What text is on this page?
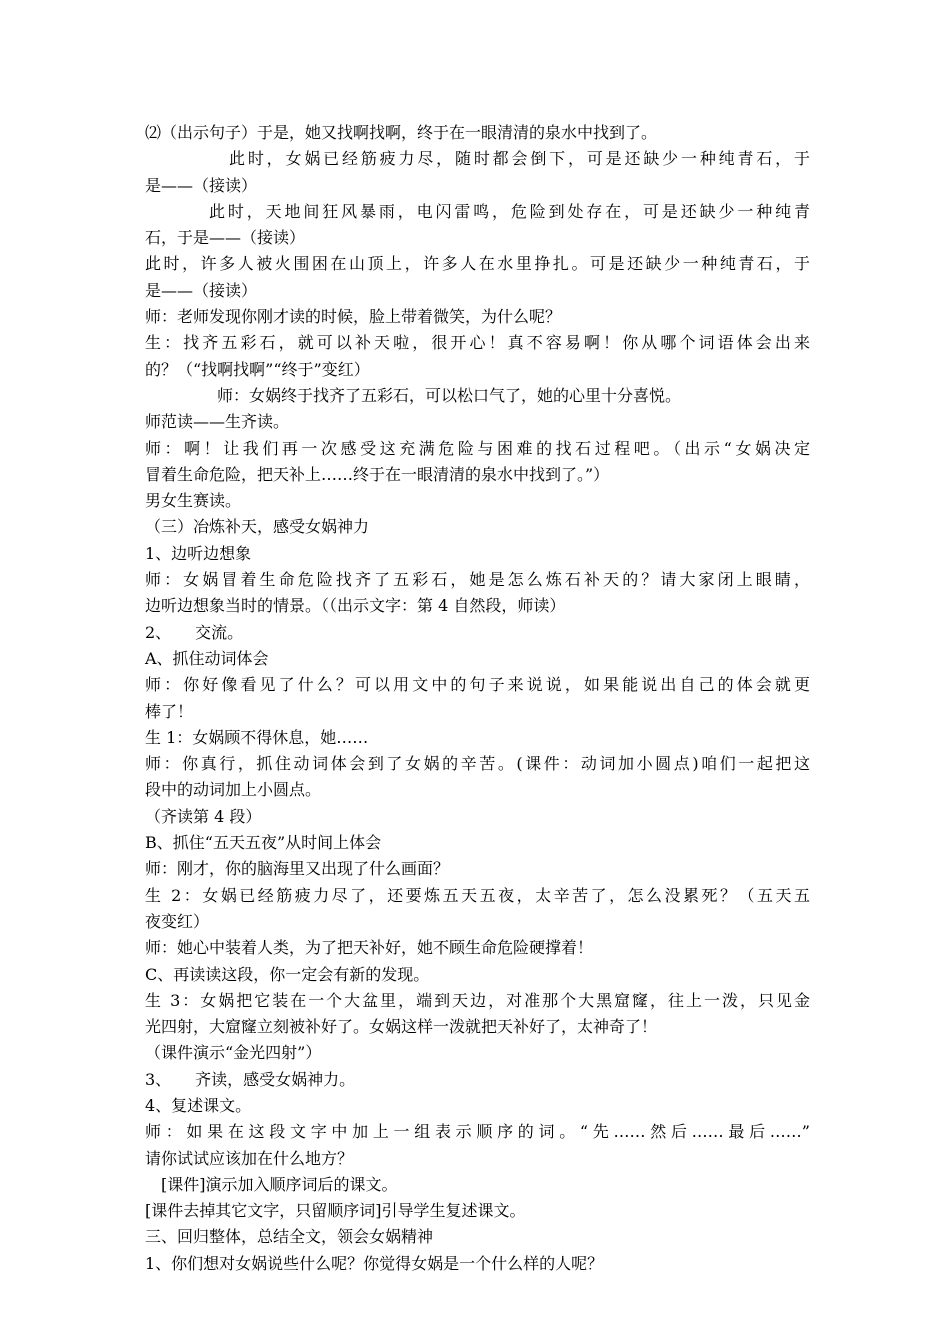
⑵（出示句子）于是，她又找啊找啊，终于在一眼清清的泉水中找到了。
此时，女娲已经筋疲力尽，随时都会倒下，可是还缺少一种纯青石，于
是——（接读）
此时，天地间狂风暴雨，电闪雷鸣，危险到处存在，可是还缺少一种纯青
石，于是——（接读）
此时，许多人被火围困在山顶上，许多人在水里挣扎。可是还缺少一种纯青石，于
是——（接读）
师：老师发现你刚才读的时候，脸上带着微笑，为什么呢？
生：找齐五彩石，就可以补天啦，很开心！真不容易啊！你从哪个词语体会出来
的？（“找啊找啊”“终于”变红）
师：女娲终于找齐了五彩石，可以松口气了，她的心里十分喜悦。
师范读——生齐读。
师：啊！让我们再一次感受这充满危险与困难的找石过程吧。（出示“女娲决定
冒着生命危险，把天补上……终于在一眼清清的泉水中找到了。”）
男女生赛读。
（三）冶炼补天，感受女娲神力
1、边听边想象
师：女娲冒着生命危险找齐了五彩石，她是怎么炼石补天的？请大家闭上眼睛，
边听边想象当时的情景。（（出示文字：第 4 自然段，师读）
2、　　交流。
A、抓住动词体会
师：你好像看见了什么？可以用文中的句子来说说，如果能说出自己的体会就更
棒了！
生 1：女娲顾不得休息，她……
师：你真行，抓住动词体会到了女娲的辛苦。(课件：动词加小圆点)咱们一起把这
段中的动词加上小圆点。
（齐读第 4 段）
B、抓住“五天五夜”从时间上体会
师：刚才，你的脑海里又出现了什么画面？
生 2：女娲已经筋疲力尽了，还要炼五天五夜，太辛苦了，怎么没累死？（五天五
夜变红）
师：她心中装着人类，为了把天补好，她不顾生命危险硬撑着！
C、再读读这段，你一定会有新的发现。
生 3：女娲把它装在一个大盆里，端到天边，对准那个大黑窟窿，往上一泼，只见金
光四射，大窟窿立刻被补好了。女娲这样一泼就把天补好了，太神奇了！
（课件演示“金光四射”）
3、　　齐读，感受女娲神力。
4、复述课文。
师：如果在这段文字中加上一组表示顺序的词。“先……然后……最后……”
请你试试应该加在什么地方？
[课件]演示加入顺序词后的课文。
[课件去掉其它文字，只留顺序词]引导学生复述课文。
三、回归整体，总结全文，领会女娲精神
1、你们想对女娲说些什么呢？你觉得女娲是一个什么样的人呢？
